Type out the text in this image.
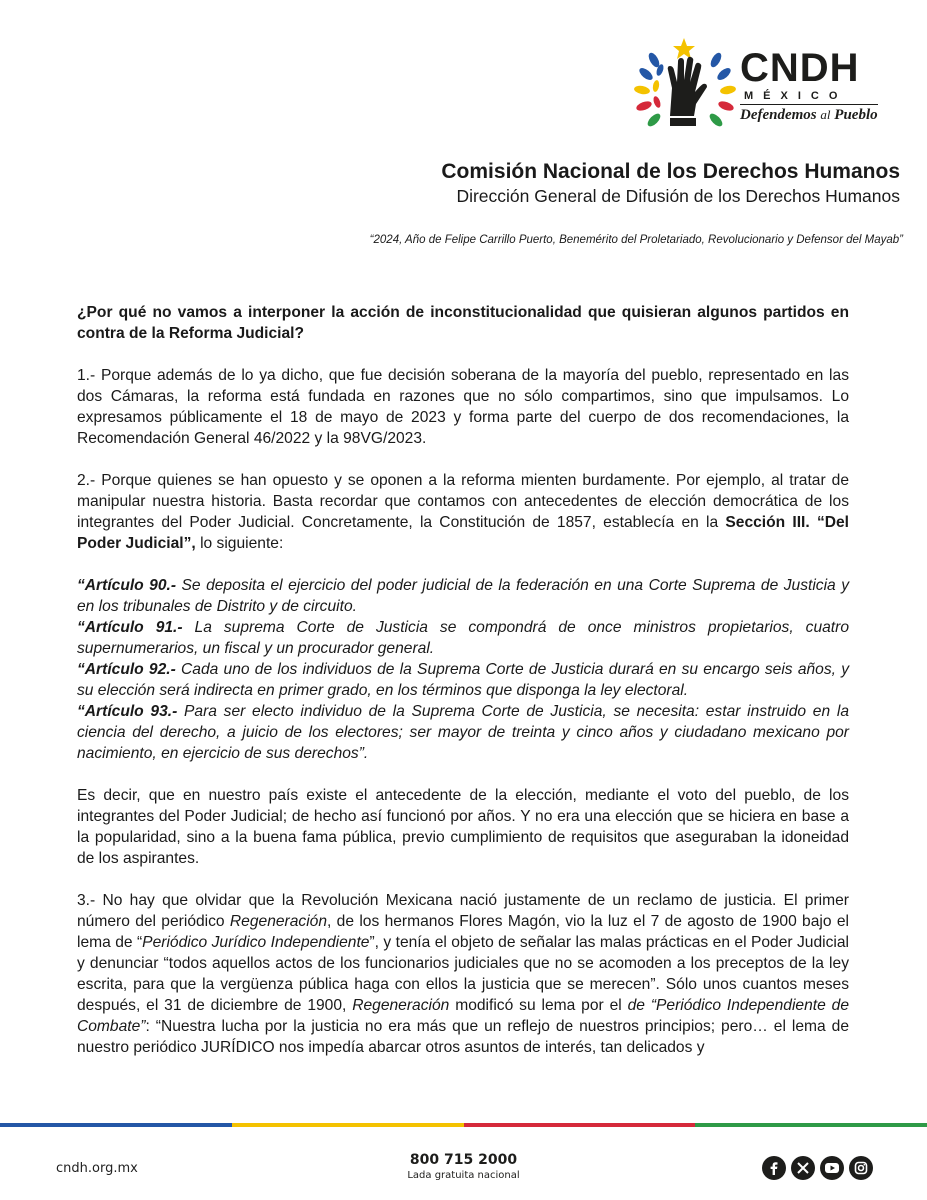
CNDH
MÉXICO
Defendemos al Pueblo
Comisión Nacional de los Derechos Humanos
Dirección General de Difusión de los Derechos Humanos
“2024, Año de Felipe Carrillo Puerto, Benemérito del Proletariado, Revolucionario y Defensor del Mayab”

¿Por qué no vamos a interponer la acción de inconstitucionalidad que quisieran algunos partidos en contra de la Reforma Judicial?

1.- Porque además de lo ya dicho, que fue decisión soberana de la mayoría del pueblo, representado en las dos Cámaras, la reforma está fundada en razones que no sólo compartimos, sino que impulsamos. Lo expresamos públicamente el 18 de mayo de 2023 y forma parte del cuerpo de dos recomendaciones, la Recomendación General 46/2022 y la 98VG/2023.

2.- Porque quienes se han opuesto y se oponen a la reforma mienten burdamente. Por ejemplo, al tratar de manipular nuestra historia. Basta recordar que contamos con antecedentes de elección democrática de los integrantes del Poder Judicial. Concretamente, la Constitución de 1857, establecía en la Sección III. “Del Poder Judicial”, lo siguiente:

“Artículo 90.- Se deposita el ejercicio del poder judicial de la federación en una Corte Suprema de Justicia y en los tribunales de Distrito y de circuito.

“Artículo 91.- La suprema Corte de Justicia se compondrá de once ministros propietarios, cuatro supernumerarios, un fiscal y un procurador general.

“Artículo 92.- Cada uno de los individuos de la Suprema Corte de Justicia durará en su encargo seis años, y su elección será indirecta en primer grado, en los términos que disponga la ley electoral.

“Artículo 93.- Para ser electo individuo de la Suprema Corte de Justicia, se necesita: estar instruido en la ciencia del derecho, a juicio de los electores; ser mayor de treinta y cinco años y ciudadano mexicano por nacimiento, en ejercicio de sus derechos”.

Es decir, que en nuestro país existe el antecedente de la elección, mediante el voto del pueblo, de los integrantes del Poder Judicial; de hecho así funcionó por años. Y no era una elección que se hiciera en base a la popularidad, sino a la buena fama pública, previo cumplimiento de requisitos que aseguraban la idoneidad de los aspirantes.

3.- No hay que olvidar que la Revolución Mexicana nació justamente de un reclamo de justicia. El primer número del periódico Regeneración, de los hermanos Flores Magón, vio la luz el 7 de agosto de 1900 bajo el lema de “Periódico Jurídico Independiente”, y tenía el objeto de señalar las malas prácticas en el Poder Judicial y denunciar “todos aquellos actos de los funcionarios judiciales que no se acomoden a los preceptos de la ley escrita, para que la vergüenza pública haga con ellos la justicia que se merecen”. Sólo unos cuantos meses después, el 31 de diciembre de 1900, Regeneración modificó su lema por el de “Periódico Independiente de Combate”: “Nuestra lucha por la justicia no era más que un reflejo de nuestros principios; pero… el lema de nuestro periódico JURÍDICO nos impedía abarcar otros asuntos de interés, tan delicados y

cndh.org.mx
800 715 2000
Lada gratuita nacional
